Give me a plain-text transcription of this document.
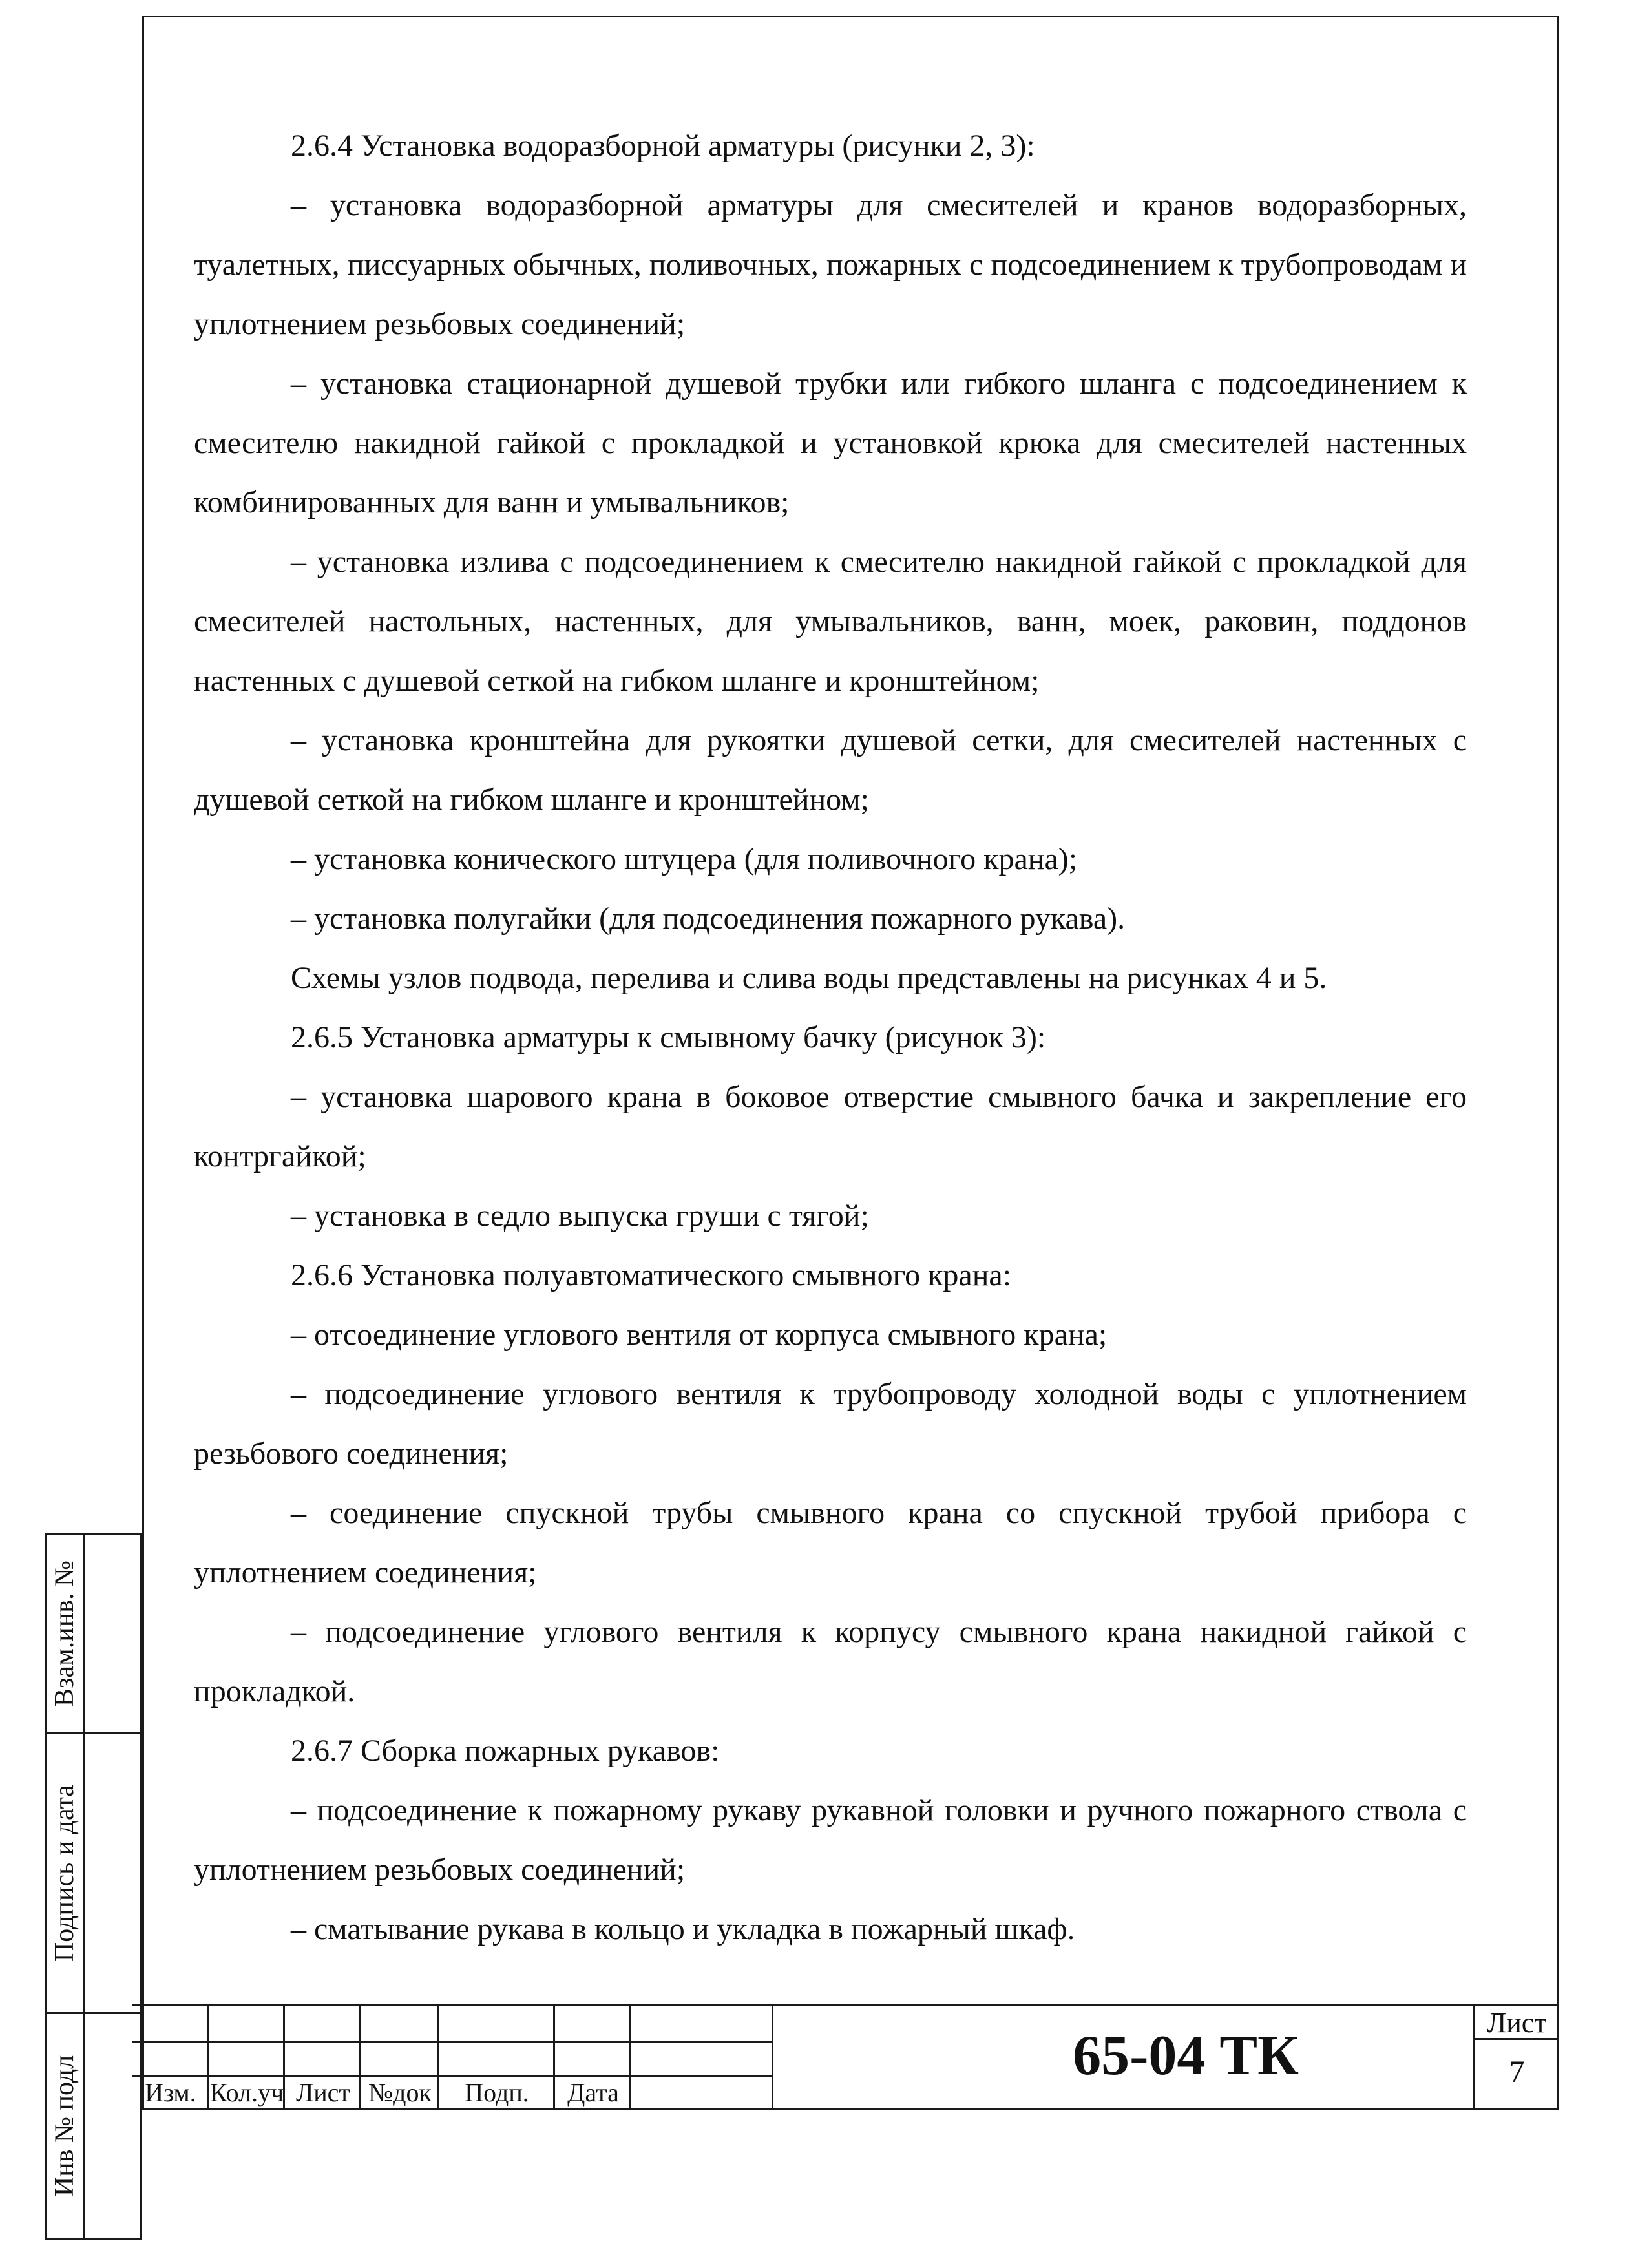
2.6.4 Установка водоразборной арматуры (рисунки 2, 3):

– установка водоразборной арматуры для смесителей и кранов водоразборных, туалетных, писсуарных обычных, поливочных, пожарных с подсоединением к трубопроводам и уплотнением резьбовых соединений;

– установка стационарной душевой трубки или гибкого шланга с подсоединением к смесителю накидной гайкой с прокладкой и установкой крюка для смесителей настенных комбинированных для ванн и умывальников;

– установка излива с подсоединением к смесителю накидной гайкой с прокладкой для смесителей настольных, настенных, для умывальников, ванн, моек, раковин, поддонов настенных с душевой сеткой на гибком шланге и кронштейном;

– установка кронштейна для рукоятки душевой сетки, для смесителей настенных с душевой сеткой на гибком шланге и кронштейном;

– установка конического штуцера (для поливочного крана);

– установка полугайки (для подсоединения пожарного рукава).

Схемы узлов подвода, перелива и слива воды представлены на рисунках 4 и 5.

2.6.5 Установка арматуры к смывному бачку (рисунок 3):

– установка шарового крана в боковое отверстие смывного бачка и закрепление его контргайкой;

– установка в седло выпуска груши с тягой;

2.6.6 Установка полуавтоматического смывного крана:

– отсоединение углового вентиля от корпуса смывного крана;

– подсоединение углового вентиля к трубопроводу холодной воды с уплотнением резьбового соединения;

– соединение спускной трубы смывного крана со спускной трубой прибора с уплотнением соединения;

– подсоединение углового вентиля к корпусу смывного крана накидной гайкой с прокладкой.

2.6.7 Сборка пожарных рукавов:

– подсоединение к пожарному рукаву рукавной головки и ручного пожарного ствола с уплотнением резьбовых соединений;

– сматывание рукава в кольцо и укладка в пожарный шкаф.

Взам.инв. №
Подпись и дата
Инв № подл	Изм. Кол.уч Лист №док	Подп.	Дата
65-04 ТК
Лист
7
